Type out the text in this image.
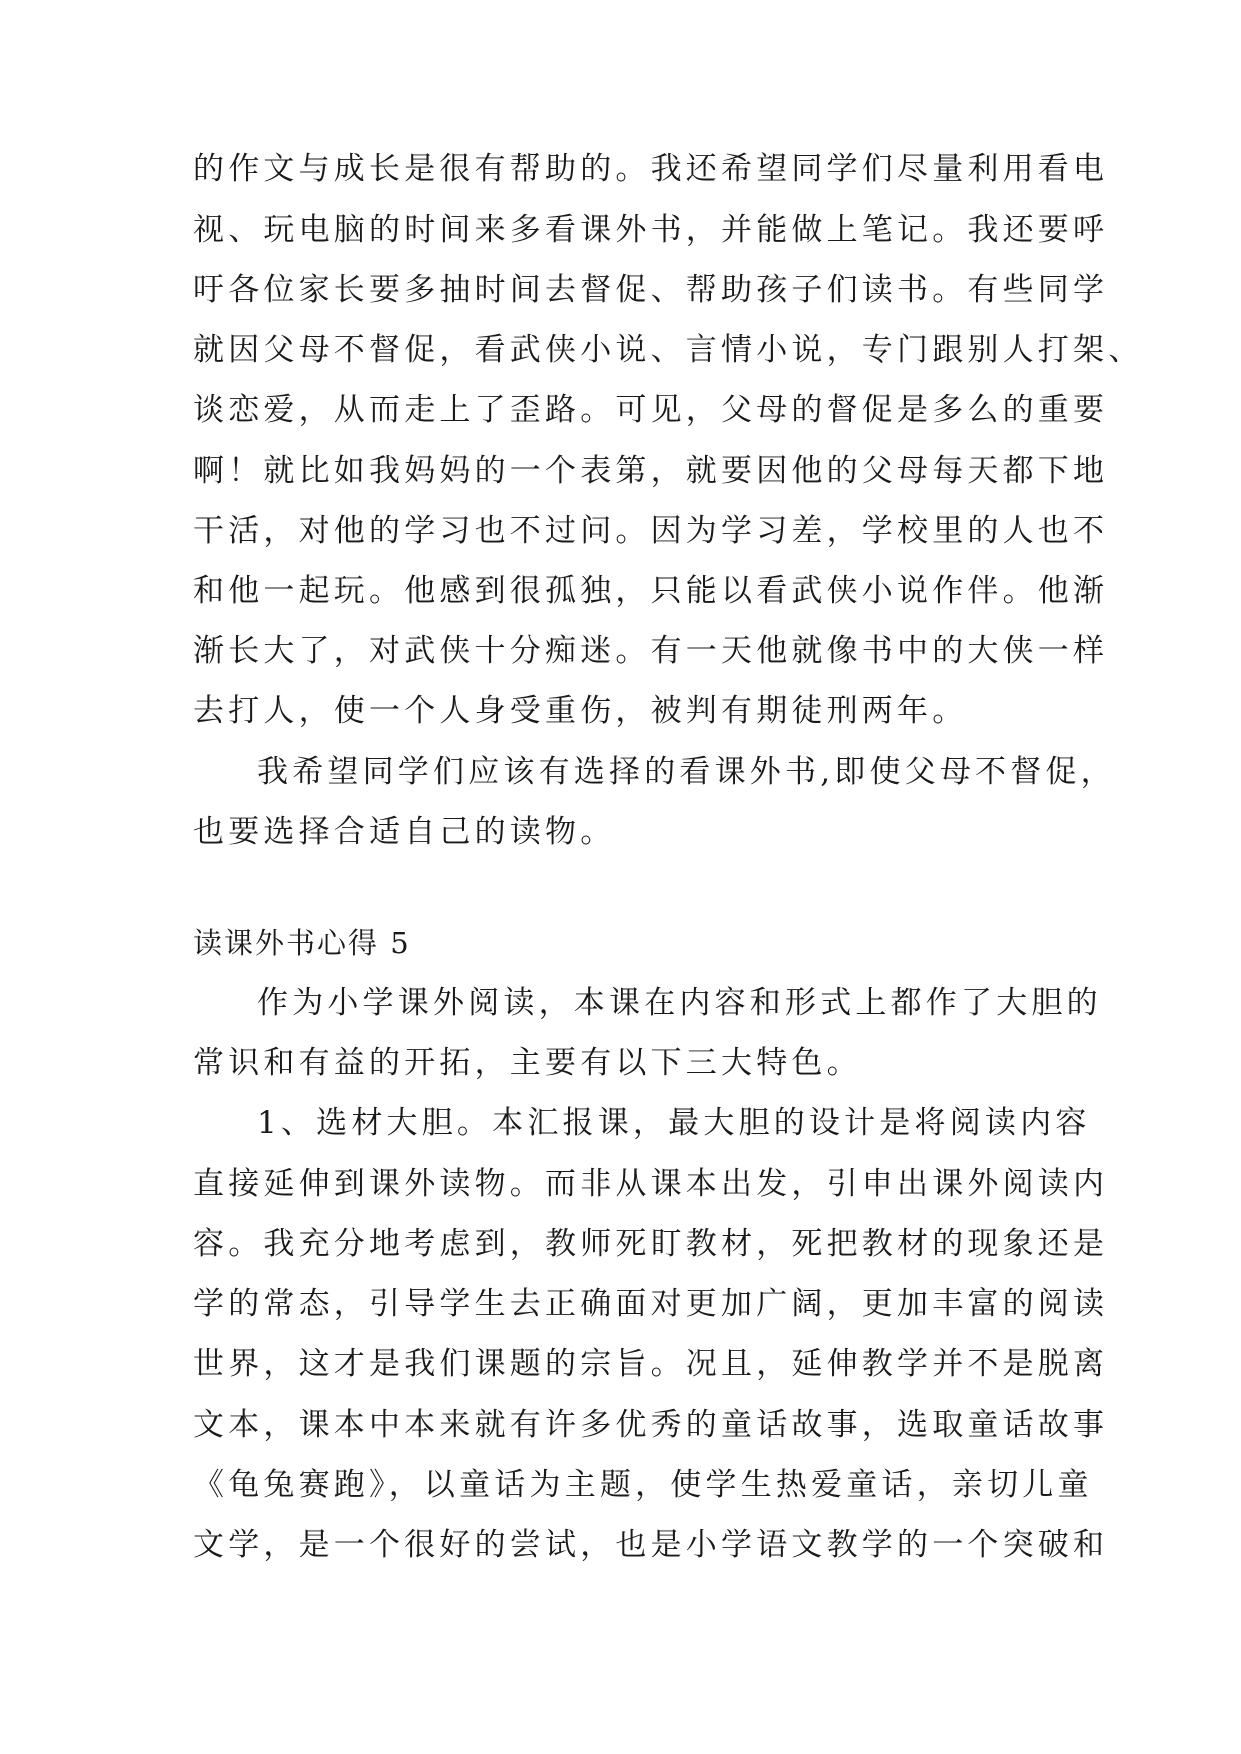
的作文与成长是很有帮助的。我还希望同学们尽量利用看电
视、玩电脑的时间来多看课外书，并能做上笔记。我还要呼
吁各位家长要多抽时间去督促、帮助孩子们读书。有些同学
就因父母不督促，看武侠小说、言情小说，专门跟别人打架、
谈恋爱，从而走上了歪路。可见，父母的督促是多么的重要
啊！就比如我妈妈的一个表第，就要因他的父母每天都下地
干活，对他的学习也不过问。因为学习差，学校里的人也不
和他一起玩。他感到很孤独，只能以看武侠小说作伴。他渐
渐长大了，对武侠十分痴迷。有一天他就像书中的大侠一样
去打人，使一个人身受重伤，被判有期徒刑两年。
我希望同学们应该有选择的看课外书,即使父母不督促，
也要选择合适自己的读物。
读课外书心得 5
作为小学课外阅读，本课在内容和形式上都作了大胆的
常识和有益的开拓，主要有以下三大特色。
1、选材大胆。本汇报课，最大胆的设计是将阅读内容
直接延伸到课外读物。而非从课本出发，引申出课外阅读内
容。我充分地考虑到，教师死盯教材，死把教材的现象还是
学的常态，引导学生去正确面对更加广阔，更加丰富的阅读
世界，这才是我们课题的宗旨。况且，延伸教学并不是脱离
文本，课本中本来就有许多优秀的童话故事，选取童话故事
《龟兔赛跑》，以童话为主题，使学生热爱童话，亲切儿童
文学，是一个很好的尝试，也是小学语文教学的一个突破和
